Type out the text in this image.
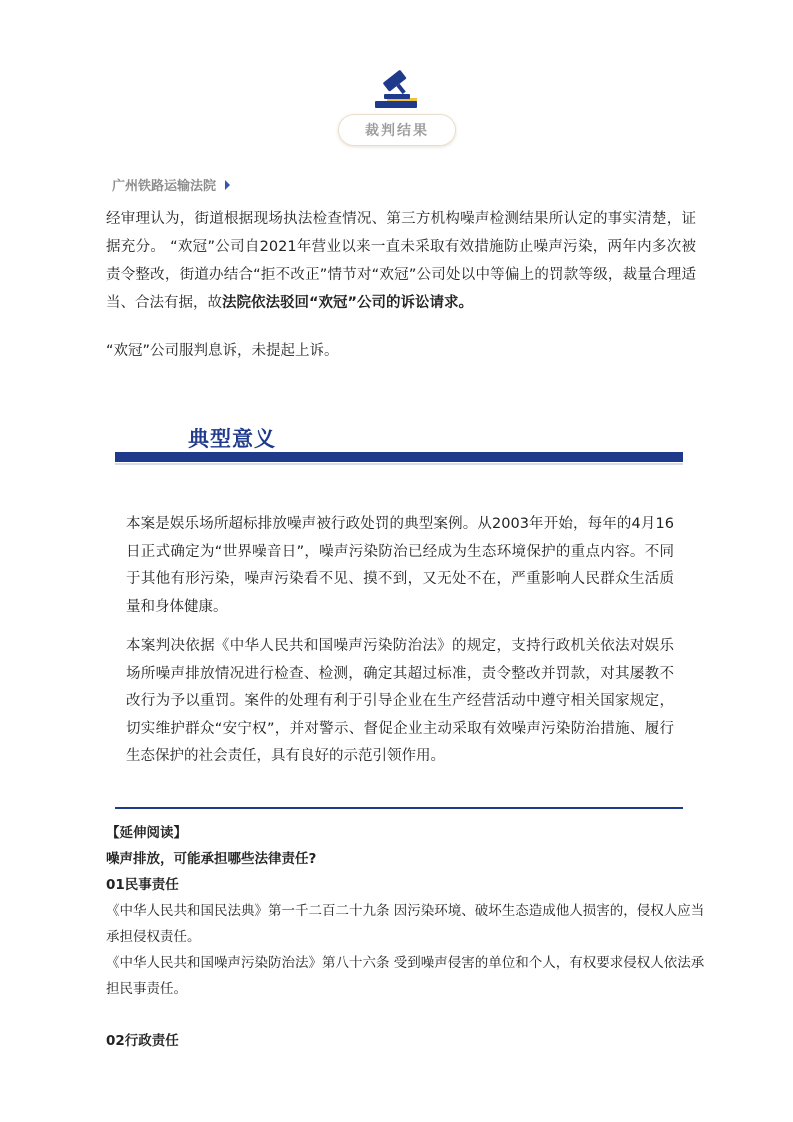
裁判结果
广州铁路运输法院
经审理认为，街道根据现场执法检查情况、第三方机构噪声检测结果所认定的事实清楚，证据充分。 “欢冠”公司自2021年营业以来一直未采取有效措施防止噪声污染，两年内多次被责令整改，街道办结合“拒不改正”情节对“欢冠”公司处以中等偏上的罚款等级，裁量合理适当、合法有据，故法院依法驳回“欢冠”公司的诉讼请求。
“欢冠”公司服判息诉，未提起上诉。
典型意义
本案是娱乐场所超标排放噪声被行政处罚的典型案例。从2003年开始，每年的4月16日正式确定为“世界噪音日”，噪声污染防治已经成为生态环境保护的重点内容。不同于其他有形污染，噪声污染看不见、摸不到，又无处不在，严重影响人民群众生活质量和身体健康。
本案判决依据《中华人民共和国噪声污染防治法》的规定，支持行政机关依法对娱乐场所噪声排放情况进行检查、检测，确定其超过标准，责令整改并罚款，对其屡教不改行为予以重罚。案件的处理有利于引导企业在生产经营活动中遵守相关国家规定，切实维护群众“安宁权”，并对警示、督促企业主动采取有效噪声污染防治措施、履行生态保护的社会责任，具有良好的示范引领作用。
【延伸阅读】
噪声排放，可能承担哪些法律责任?
01民事责任
《中华人民共和国民法典》第一千二百二十九条 因污染环境、破坏生态造成他人损害的，侵权人应当承担侵权责任。
《中华人民共和国噪声污染防治法》第八十六条 受到噪声侵害的单位和个人，有权要求侵权人依法承担民事责任。
02行政责任
